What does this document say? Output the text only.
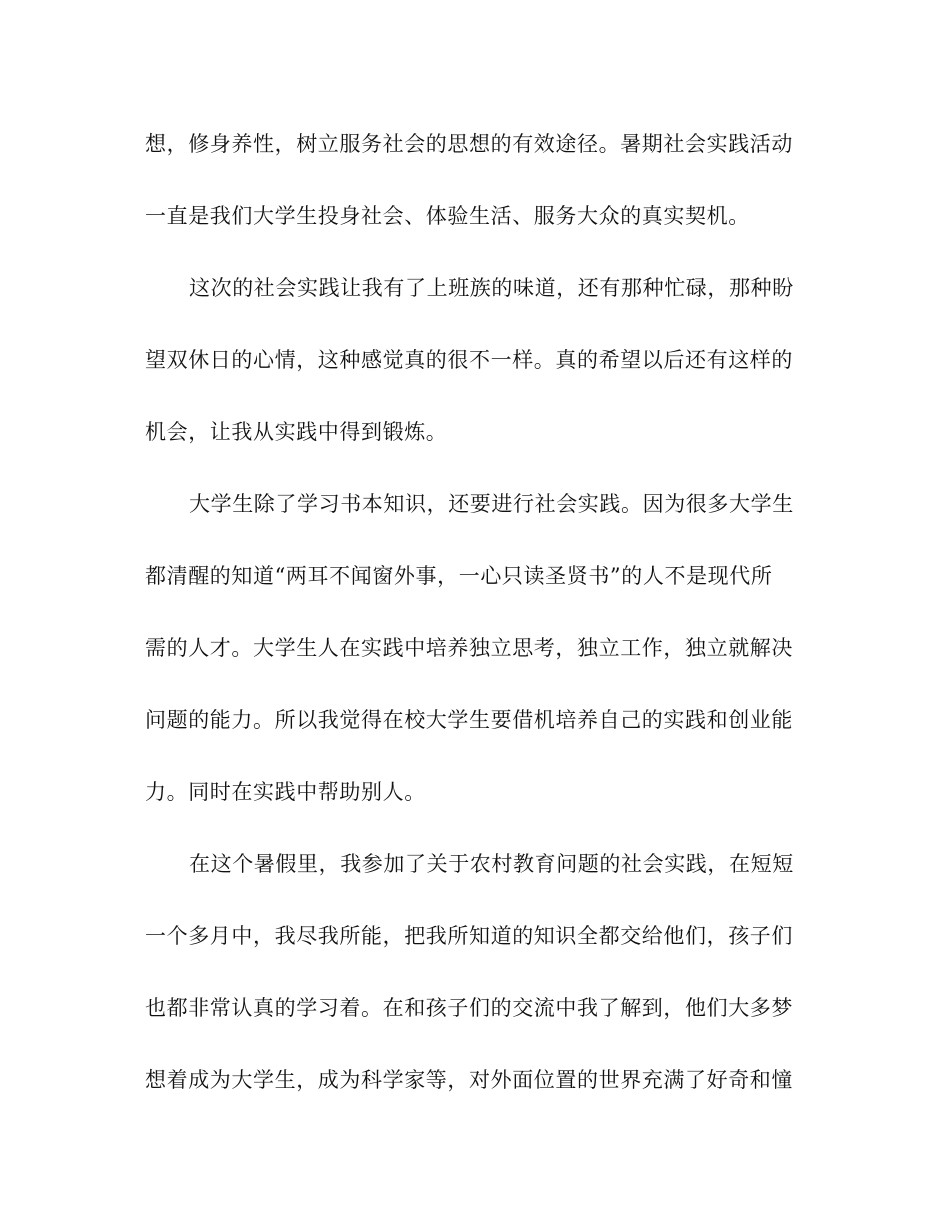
想，修身养性，树立服务社会的思想的有效途径。暑期社会实践活动
一直是我们大学生投身社会、体验生活、服务大众的真实契机。
这次的社会实践让我有了上班族的味道，还有那种忙碌，那种盼
望双休日的心情，这种感觉真的很不一样。真的希望以后还有这样的
机会，让我从实践中得到锻炼。
大学生除了学习书本知识，还要进行社会实践。因为很多大学生
都清醒的知道“两耳不闻窗外事，一心只读圣贤书”的人不是现代所
需的人才。大学生人在实践中培养独立思考，独立工作，独立就解决
问题的能力。所以我觉得在校大学生要借机培养自己的实践和创业能
力。同时在实践中帮助别人。
在这个暑假里，我参加了关于农村教育问题的社会实践，在短短
一个多月中，我尽我所能，把我所知道的知识全都交给他们，孩子们
也都非常认真的学习着。在和孩子们的交流中我了解到，他们大多梦
想着成为大学生，成为科学家等，对外面位置的世界充满了好奇和憧
